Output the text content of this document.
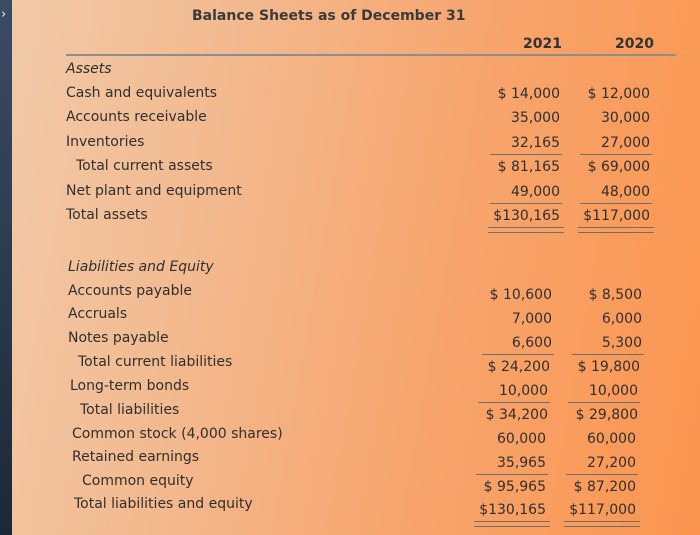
›	Balance Sheets as of December 31
2021	2020
Assets
Cash and equivalents	$ 14,000	$ 12,000
Accounts receivable	35,000	30,000
Inventories	32,165	27,000
Total current assets	$ 81,165	$ 69,000
Net plant and equipment	49,000	48,000
Total assets	$130,165	$117,000
Liabilities and Equity
Accounts payable	$ 10,600	$ 8,500
Accruals	7,000	6,000
Notes payable	6,600	5,300
Total current liabilities	$ 24,200	$ 19,800
Long-term bonds	10,000	10,000
Total liabilities	$ 34,200	$ 29,800
Common stock (4,000 shares)	60,000	60,000
Retained earnings	35,965	27,200
Common equity	$ 95,965	$ 87,200
Total liabilities and equity	$130,165	$117,000
